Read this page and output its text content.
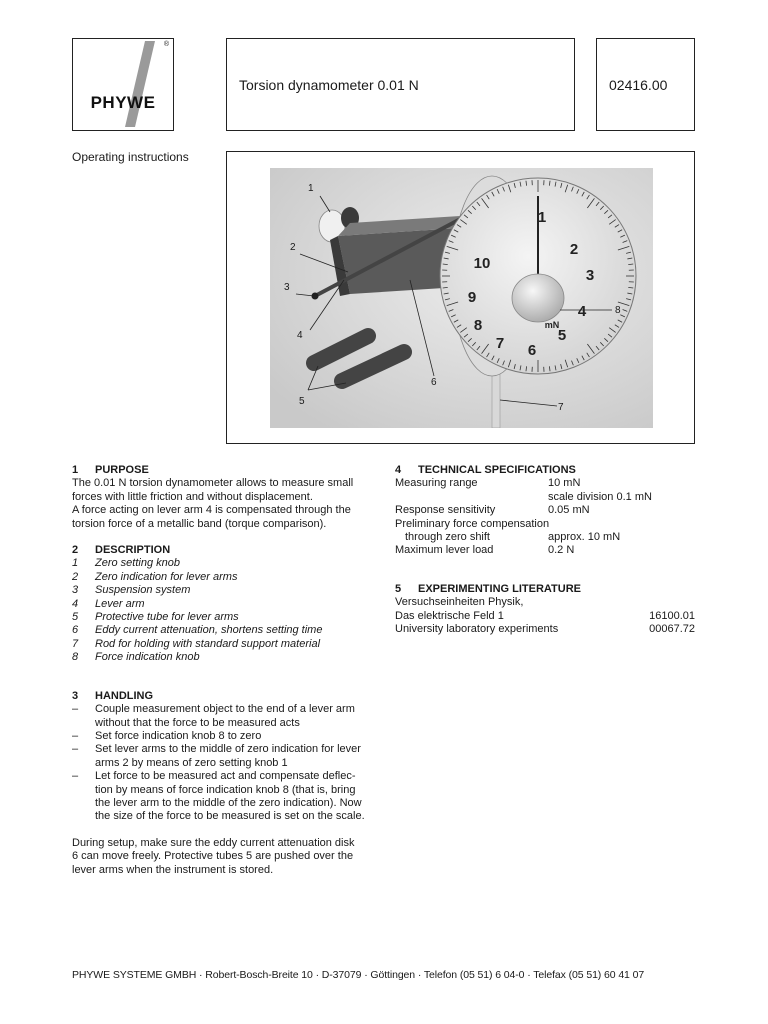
®
PHYWE
Torsion dynamometer 0.01 N	02416.00
Operating instructions
2
3
4
5
6
7
8
9
10
1
mN
1
2
3
4
5
6
7
8
1 PURPOSE
The 0.01 N torsion dynamometer allows to measure small
forces with little friction and without displacement.
A force acting on lever arm 4 is compensated through the
torsion force of a metallic band (torque comparison).
2 DESCRIPTION
1	Zero setting knob
2	Zero indication for lever arms
3	Suspension system
4	Lever arm
5	Protective tube for lever arms
6	Eddy current attenuation, shortens setting time
7	Rod for holding with standard support material
8	Force indication knob
3 HANDLING
–	Couple measurement object to the end of a lever arm
without that the force to be measured acts
–	Set force indication knob 8 to zero
–	Set lever arms to the middle of zero indication for lever
arms 2 by means of zero setting knob 1
–	Let force to be measured act and compensate deflec-
tion by means of force indication knob 8 (that is, bring
the lever arm to the middle of the zero indication). Now
the size of the force to be measured is set on the scale.
During setup, make sure the eddy current attenuation disk
6 can move freely. Protective tubes 5 are pushed over the
lever arms when the instrument is stored.
4 TECHNICAL SPECIFICATIONS
Measuring range	10 mN
scale division 0.1 mN
Response sensitivity	0.05 mN
Preliminary force compensation
through zero shift	approx. 10 mN
Maximum lever load	0.2 N
5 EXPERIMENTING LITERATURE
Versuchseinheiten Physik,
Das elektrische Feld 1	16100.01
University laboratory experiments	00067.72
PHYWE SYSTEME GMBH · Robert-Bosch-Breite 10 · D-37079 · Göttingen · Telefon (05 51) 6 04-0 · Telefax (05 51) 60 41 07
